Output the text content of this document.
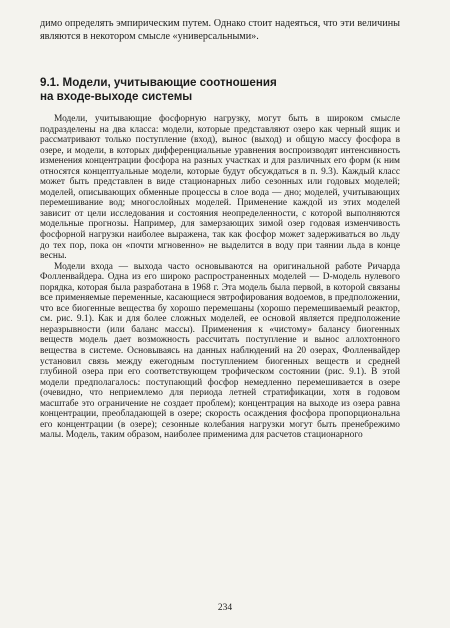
димо определять эмпирическим путем. Однако стоит надеяться, что эти величины являются в некотором смысле «универсальными».
9.1. Модели, учитывающие соотношения
на входе-выходе системы

Модели, учитывающие фосфорную нагрузку, могут быть в широком смысле подразделены на два класса: модели, которые представляют озеро как черный ящик и рассматривают только поступление (вход), вынос (выход) и общую массу фосфора в озере, и модели, в которых дифференциальные уравнения воспроизводят интенсивность изменения концентрации фосфора на разных участках и для различных его форм (к ним относятся концептуальные модели, которые будут обсуждаться в п. 9.3). Каждый класс может быть представлен в виде стационарных либо сезонных или годовых моделей; моделей, описывающих обменные процессы в слое вода — дно; моделей, учитывающих перемешивание вод; многослойных моделей. Применение каждой из этих моделей зависит от цели исследования и состояния неопределенности, с которой выполняются модельные прогнозы. Например, для замерзающих зимой озер годовая изменчивость фосфорной нагрузки наиболее выражена, так как фосфор может задерживаться во льду до тех пор, пока он «почти мгновенно» не выделится в воду при таянии льда в конце весны.

Модели входа — выхода часто основываются на оригинальной работе Ричарда Фолленвайдера. Одна из его широко распространенных моделей — D-модель нулевого порядка, которая была разработана в 1968 г. Эта модель была первой, в которой связаны все применяемые переменные, касающиеся эвтрофирования водоемов, в предположении, что все биогенные вещества бу хорошо перемешаны (хорошо перемешиваемый реактор, см. рис. 9.1). Как и для более сложных моделей, ее основой является предположение неразрывности (или баланс массы). Применения к «чистому» балансу биогенных веществ модель дает возможность рассчитать поступление и вынос аллохтонного вещества в системе. Основываясь на данных наблюдений на 20 озерах, Фолленвайдер установил связь между ежегодным поступлением биогенных веществ и средней глубиной озера при его соответствующем трофическом состоянии (рис. 9.1). В этой модели предполагалось: поступающий фосфор немедленно перемешивается в озере (очевидно, что неприемлемо для периода летней стратификации, хотя в годовом масштабе это ограничение не создает проблем); концентрация на выходе из озера равна концентрации, преобладающей в озере; скорость осаждения фосфора пропорциональна его концентрации (в озере); сезонные колебания нагрузки могут быть пренебрежимо малы. Модель, таким образом, наиболее применима для расчетов стационарного

234
